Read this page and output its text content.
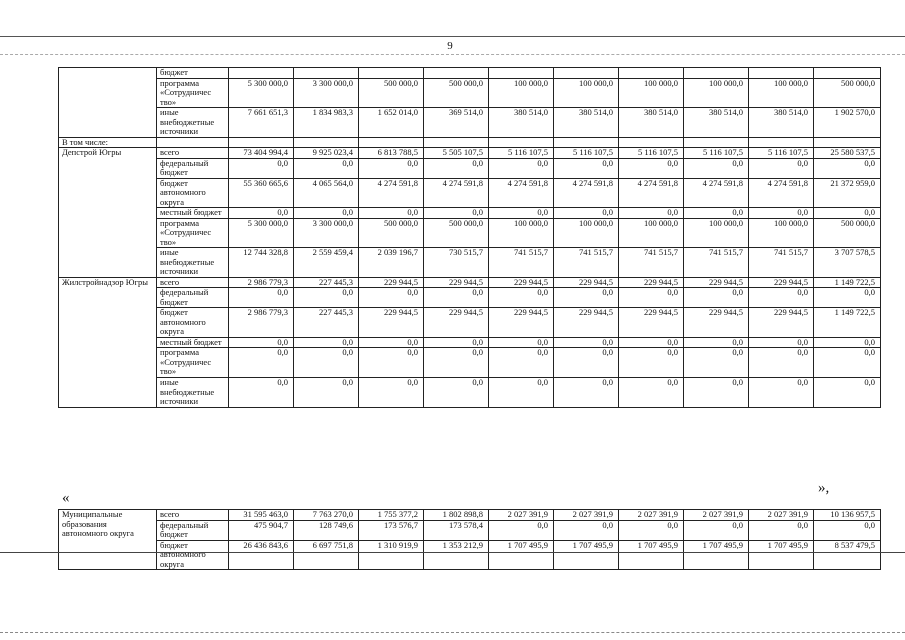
9
	бюджет										
	программа «Сотрудничес тво»	5 300 000,0	3 300 000,0	500 000,0	500 000,0	100 000,0	100 000,0	100 000,0	100 000,0	100 000,0	500 000,0
	иные внебюджетные источники	7 661 651,3	1 834 983,3	1 652 014,0	369 514,0	380 514,0	380 514,0	380 514,0	380 514,0	380 514,0	1 902 570,0
В том числе:											
Депстрой Югры	всего	73 404 994,4	9 925 023,4	6 813 788,5	5 505 107,5	5 116 107,5	5 116 107,5	5 116 107,5	5 116 107,5	5 116 107,5	25 580 537,5
	федеральный бюджет	0,0	0,0	0,0	0,0	0,0	0,0	0,0	0,0	0,0	0,0
	бюджет автономного округа	55 360 665,6	4 065 564,0	4 274 591,8	4 274 591,8	4 274 591,8	4 274 591,8	4 274 591,8	4 274 591,8	4 274 591,8	21 372 959,0
	местный бюджет	0,0	0,0	0,0	0,0	0,0	0,0	0,0	0,0	0,0	0,0
	программа «Сотрудничес тво»	5 300 000,0	3 300 000,0	500 000,0	500 000,0	100 000,0	100 000,0	100 000,0	100 000,0	100 000,0	500 000,0
	иные внебюджетные источники	12 744 328,8	2 559 459,4	2 039 196,7	730 515,7	741 515,7	741 515,7	741 515,7	741 515,7	741 515,7	3 707 578,5
Жилстройнадзор Югры	всего	2 986 779,3	227 445,3	229 944,5	229 944,5	229 944,5	229 944,5	229 944,5	229 944,5	229 944,5	1 149 722,5
	федеральный бюджет	0,0	0,0	0,0	0,0	0,0	0,0	0,0	0,0	0,0	0,0
	бюджет автономного округа	2 986 779,3	227 445,3	229 944,5	229 944,5	229 944,5	229 944,5	229 944,5	229 944,5	229 944,5	1 149 722,5
	местный бюджет	0,0	0,0	0,0	0,0	0,0	0,0	0,0	0,0	0,0	0,0
	программа «Сотрудничес тво»	0,0	0,0	0,0	0,0	0,0	0,0	0,0	0,0	0,0	0,0
	иные внебюджетные источники	0,0	0,0	0,0	0,0	0,0	0,0	0,0	0,0	0,0	0,0
«
»,
Муниципальные образования автономного округа	всего	31 595 463,0	7 763 270,0	1 755 377,2	1 802 898,8	2 027 391,9	2 027 391,9	2 027 391,9	2 027 391,9	2 027 391,9	10 136 957,5
	федеральный бюджет	475 904,7	128 749,6	173 576,7	173 578,4	0,0	0,0	0,0	0,0	0,0	0,0
	бюджет автономного округа	26 436 843,6	6 697 751,8	1 310 919,9	1 353 212,9	1 707 495,9	1 707 495,9	1 707 495,9	1 707 495,9	1 707 495,9	8 537 479,5
